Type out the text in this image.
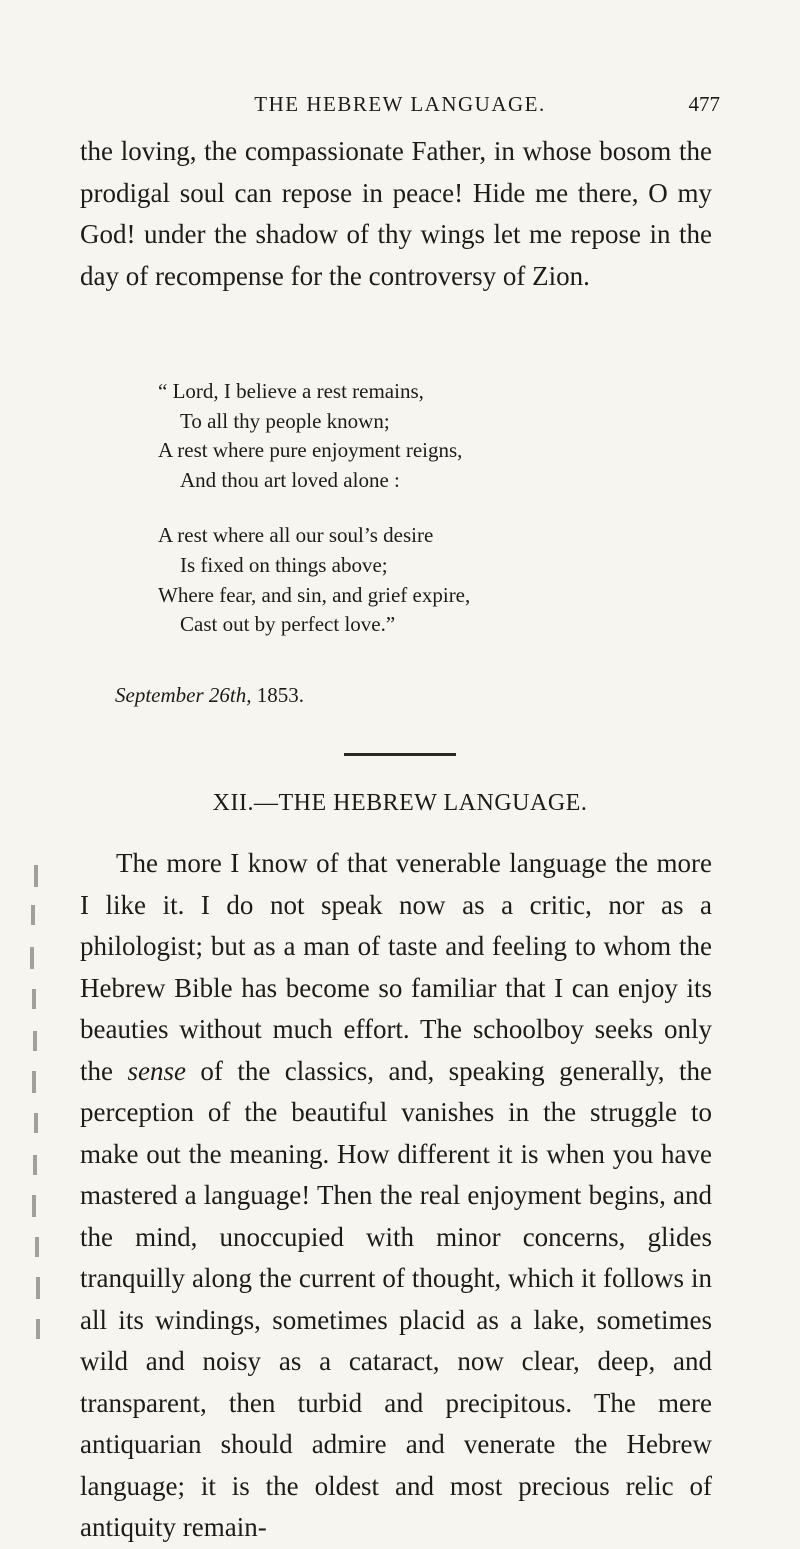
THE HEBREW LANGUAGE.	477

the loving, the compassionate Father, in whose bosom the prodigal soul can repose in peace! Hide me there, O my God! under the shadow of thy wings let me repose in the day of recompense for the controversy of Zion.

“ Lord, I believe a rest remains,
To all thy people known;
A rest where pure enjoyment reigns,
And thou art loved alone :
A rest where all our soul’s desire
Is fixed on things above;
Where fear, and sin, and grief expire,
Cast out by perfect love.”
September 26th, 1853.
XII.—THE HEBREW LANGUAGE.

The more I know of that venerable language the more I like it. I do not speak now as a critic, nor as a philologist; but as a man of taste and feeling to whom the Hebrew Bible has become so familiar that I can enjoy its beauties without much effort. The schoolboy seeks only the sense of the classics, and, speaking generally, the perception of the beautiful vanishes in the struggle to make out the meaning. How different it is when you have mastered a language! Then the real enjoyment begins, and the mind, unoccupied with minor concerns, glides tranquilly along the current of thought, which it follows in all its windings, sometimes placid as a lake, sometimes wild and noisy as a cataract, now clear, deep, and transparent, then turbid and precipitous. The mere antiquarian should admire and venerate the Hebrew language; it is the oldest and most precious relic of antiquity remain-
